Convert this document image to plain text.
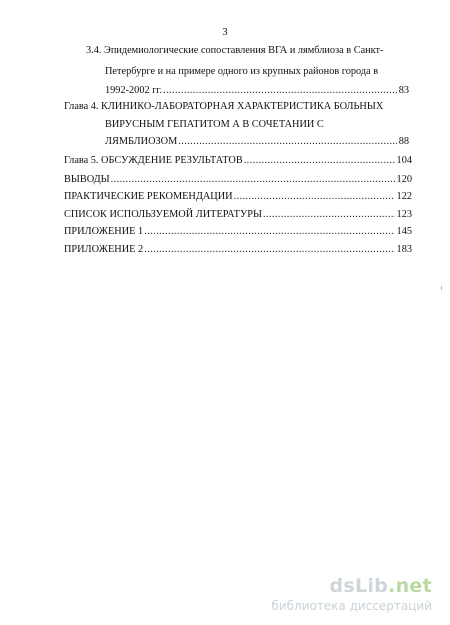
3
3.4. Эпидемиологические сопоставления ВГА и лямблиоза в Санкт-
Петербурге и на примере одного из крупных районов города в
1992-2002 гг. .....	83
Глава 4. КЛИНИКО-ЛАБОРАТОРНАЯ ХАРАКТЕРИСТИКА БОЛЬНЫХ
ВИРУСНЫМ ГЕПАТИТОМ А В СОЧЕТАНИИ С
ЛЯМБЛИОЗОМ .....	88
Глава 5. ОБСУЖДЕНИЕ РЕЗУЛЬТАТОВ .....	104
ВЫВОДЫ .....	120
ПРАКТИЧЕСКИЕ РЕКОМЕНДАЦИИ .....	122
СПИСОК ИСПОЛЬЗУЕМОЙ ЛИТЕРАТУРЫ .....	123
ПРИЛОЖЕНИЕ 1 .....	145
ПРИЛОЖЕНИЕ 2 .....	183
dsLib.net
библиотека диссертаций
